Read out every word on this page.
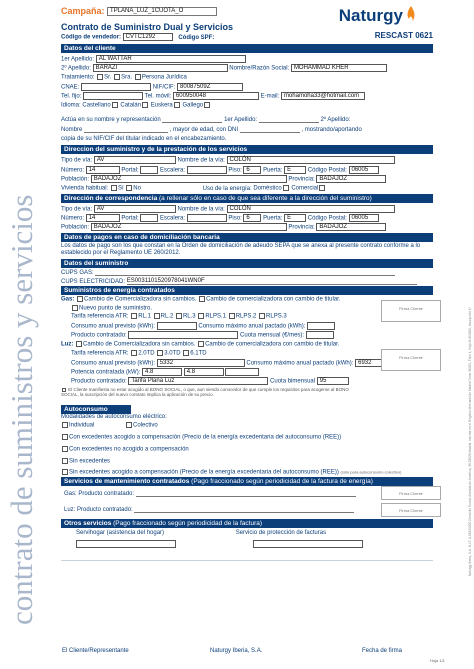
contrato de suministros y servicios	Naturgy Iberia, S.A. N.I.F. A-08431090 Domicilio Social: Avenida de América, 38 28028 Madrid. Inscrita en el Registro Mercantil de Madrid Tomo 36452, Folio 1, Hoja M-654000, Inscripción 1ª
Campaña: TPLANA_LUZ_1CUOTA_O	Naturgy
Contrato de Suministro Dual y Servicios
Código de vendedor: CVTC1292	Código SPF:	RESCAST 0621
Datos del cliente
1er Apellido: AL WATTAR
2º Apellido: BARAZI	Nombre/Razón Social: MOHAMMAD KHER
Tratamiento: Sr. Sra. Persona Jurídica
CNAE:	NIF/CIF: 80087509Z
Tel. fijo:	Tel. móvil: 600950048	E-mail: mohamoha33@hotmail.com
Idioma: Castellano Catalán Euskera Gallego
Actúa en su nombre y representación	1er Apellido:	2º Apellido:
Nombre	, mayor de edad, con DNI	, mostrando/aportando
copia de su NIF/CIF del titular indicado en el encabezamiento.
Direccion del suministro y de la prestación de los servicios
Tipo de vía: AV	Nombre de la vía: COLÓN
Número: 14	Portal:	Escalera:	Piso: 6 Puerta: E	Código Postal: 06005
Población: BADAJOZ	Provincia: BADAJOZ
Vivienda habitual: Sí No	Uso de la energía: Doméstico Comercial
Dirección de correspondencia (a rellenar sólo en caso de que sea diferente a la dirección del suministro)
Tipo de vía: AV	Nombre de la vía: COLÓN
Número: 14	Portal:	Escalera:	Piso: 6 Puerta: E	Código Postal: 06005
Población: BADAJOZ	Provincia: BADAJOZ
Datos de pagos en caso de domiciliación bancaria
Los datos de pago son los que constan en la Orden de domiciliación de adeudo SEPA que se anexa al presente contrato conforme a lo establecido por el Reglamento UE 260/2012.
Datos del suministro
CUPS GAS:
CUPS ELECTRICIDAD: ES0031101520978041WN0F
Suministros de energía contratados
Gas: Cambio de Comercializadora sin cambios. Cambio de comercializadora con cambio de titular.
Nuevo punto de suministro.
Tarifa referencia ATR: RL.1 RL.2 RL.3 RLPS.1 RLPS.2 RLPS.3
Consumo anual previsto (kWh):	Consumo máximo anual pactado (kWh):
Producto contratado:	Cuota mensual (€/mes):
Firma Cliente
Luz: Cambio de Comercializadora sin cambios. Cambio de comercializadora con cambio de titular.
Tarifa referencia ATR: 2.0TD 3.0TD 6.1TD
Consumo anual previsto (kWh): 5332	Consumo máximo anual pactado (kWh): 6932
Potencia contratada (kW): 4.8	4.8
Producto contratado: Tarifa Plana Luz	Cuota bimensual 95
Firma Cliente
El Cliente manifiesta no estar acogido al BONO SOCIAL, o que, aun siendo conocedor de que cumple los requisitos para acogerse al BONO SOCIAL, la suscripción del nuevo contrato implica la aplicación de su precio.
Autoconsumo
Modalidades de autoconsumo eléctrico:
Individual	Colectivo
Con excedentes acogido a compensación (Precio de la energía excedentaria del autoconsumo (REE))
Con excedentes no acogido a compensación
Sin excedentes
Sin excedentes acogido a compensación (Precio de la energía excedentaria del autoconsumo (REE)) (sólo para autoconsumo colectivo)
Servicios de mantenimiento contratados (Pago fraccionado según periodicidad de la factura de energía)
Gas: Producto contratado:	Firma Cliente
Luz: Producto contratado:	Firma Cliente
Otros servicios (Pago fraccionado según periodicidad de la factura)
Servihogar (asistencia del hogar)	Servicio de protección de facturas

El Cliente/Representante	Naturgy Iberia, S.A.	Fecha de firma
Hoja 1/1
